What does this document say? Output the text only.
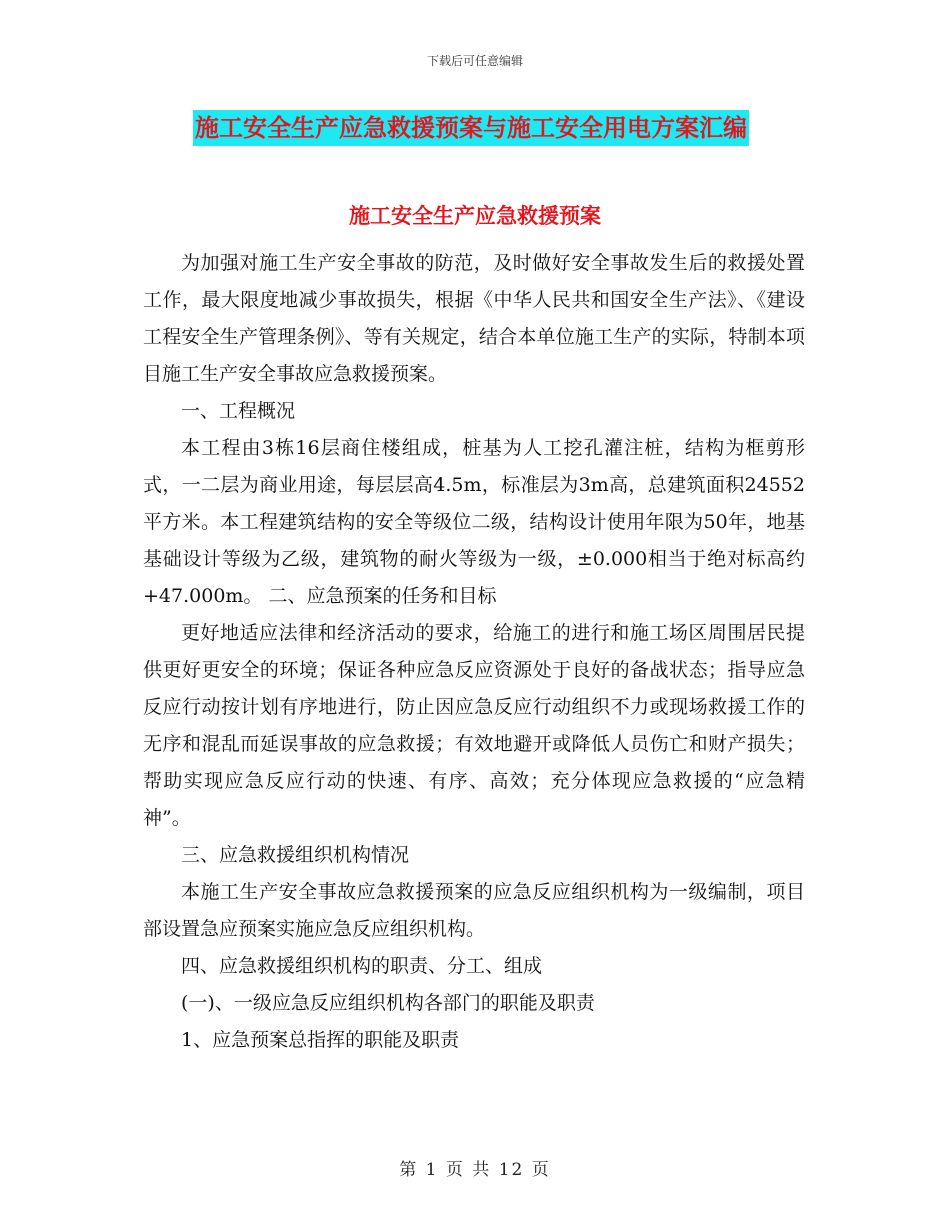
下载后可任意编辑
施工安全生产应急救援预案与施工安全用电方案汇编
施工安全生产应急救援预案

为加强对施工生产安全事故的防范，及时做好安全事故发生后的救援处置工作，最大限度地减少事故损失，根据《中华人民共和国安全生产法》、《建设工程安全生产管理条例》、等有关规定，结合本单位施工生产的实际，特制本项目施工生产安全事故应急救援预案。

一、工程概况

本工程由3栋16层商住楼组成，桩基为人工挖孔灌注桩，结构为框剪形式，一二层为商业用途，每层层高4.5m，标准层为3m高，总建筑面积24552平方米。本工程建筑结构的安全等级位二级，结构设计使用年限为50年，地基基础设计等级为乙级，建筑物的耐火等级为一级，±0.000相当于绝对标高约+47.000m。 二、应急预案的任务和目标

更好地适应法律和经济活动的要求，给施工的进行和施工场区周围居民提供更好更安全的环境；保证各种应急反应资源处于良好的备战状态；指导应急反应行动按计划有序地进行，防止因应急反应行动组织不力或现场救援工作的无序和混乱而延误事故的应急救援；有效地避开或降低人员伤亡和财产损失；帮助实现应急反应行动的快速、有序、高效；充分体现应急救援的“应急精神”。

三、应急救援组织机构情况

本施工生产安全事故应急救援预案的应急反应组织机构为一级编制，项目部设置急应预案实施应急反应组织机构。

四、应急救援组织机构的职责、分工、组成

(一)、一级应急反应组织机构各部门的职能及职责

1、应急预案总指挥的职能及职责

第 1 页 共 12 页
